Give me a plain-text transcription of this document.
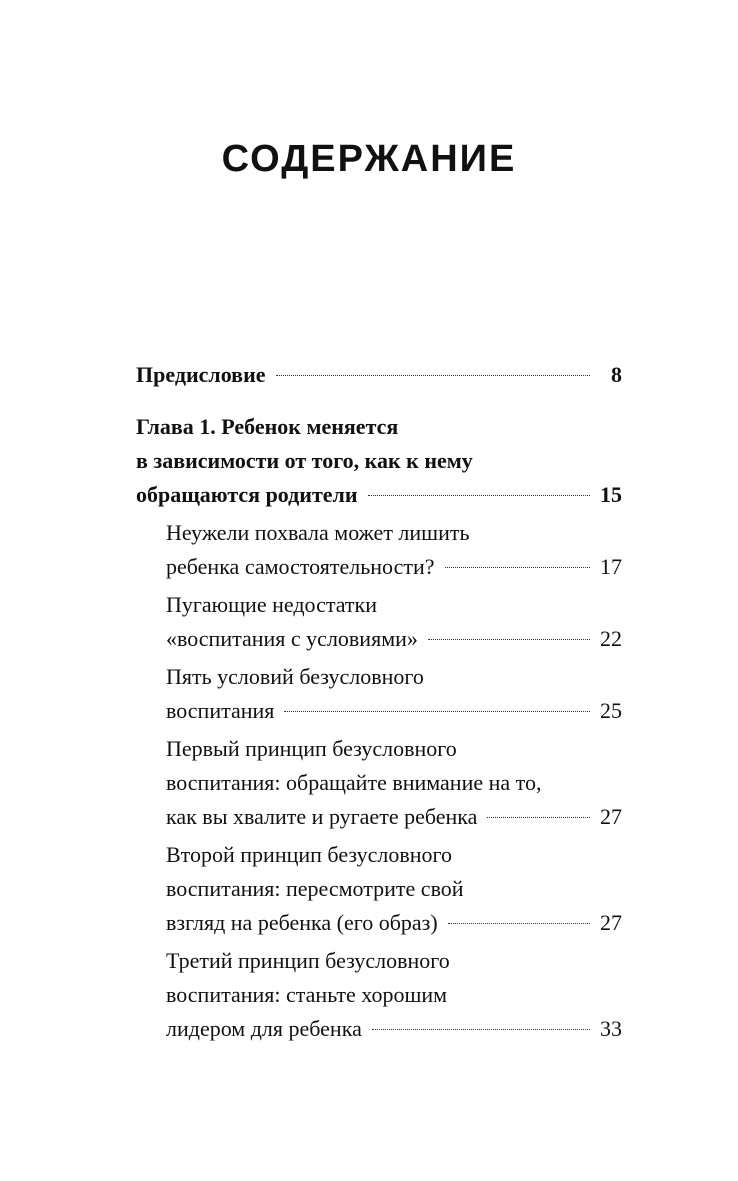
СОДЕРЖАНИЕ
Предисловие	8
Глава 1. Ребенок меняется
в зависимости от того, как к нему
обращаются родители	15
Неужели похвала может лишить
ребенка самостоятельности?	17
Пугающие недостатки
«воспитания с условиями»	22
Пять условий безусловного
воспитания	25
Первый принцип безусловного
воспитания: обращайте внимание на то,
как вы хвалите и ругаете ребенка	27
Второй принцип безусловного
воспитания: пересмотрите свой
взгляд на ребенка (его образ)	27
Третий принцип безусловного
воспитания: станьте хорошим
лидером для ребенка	33
